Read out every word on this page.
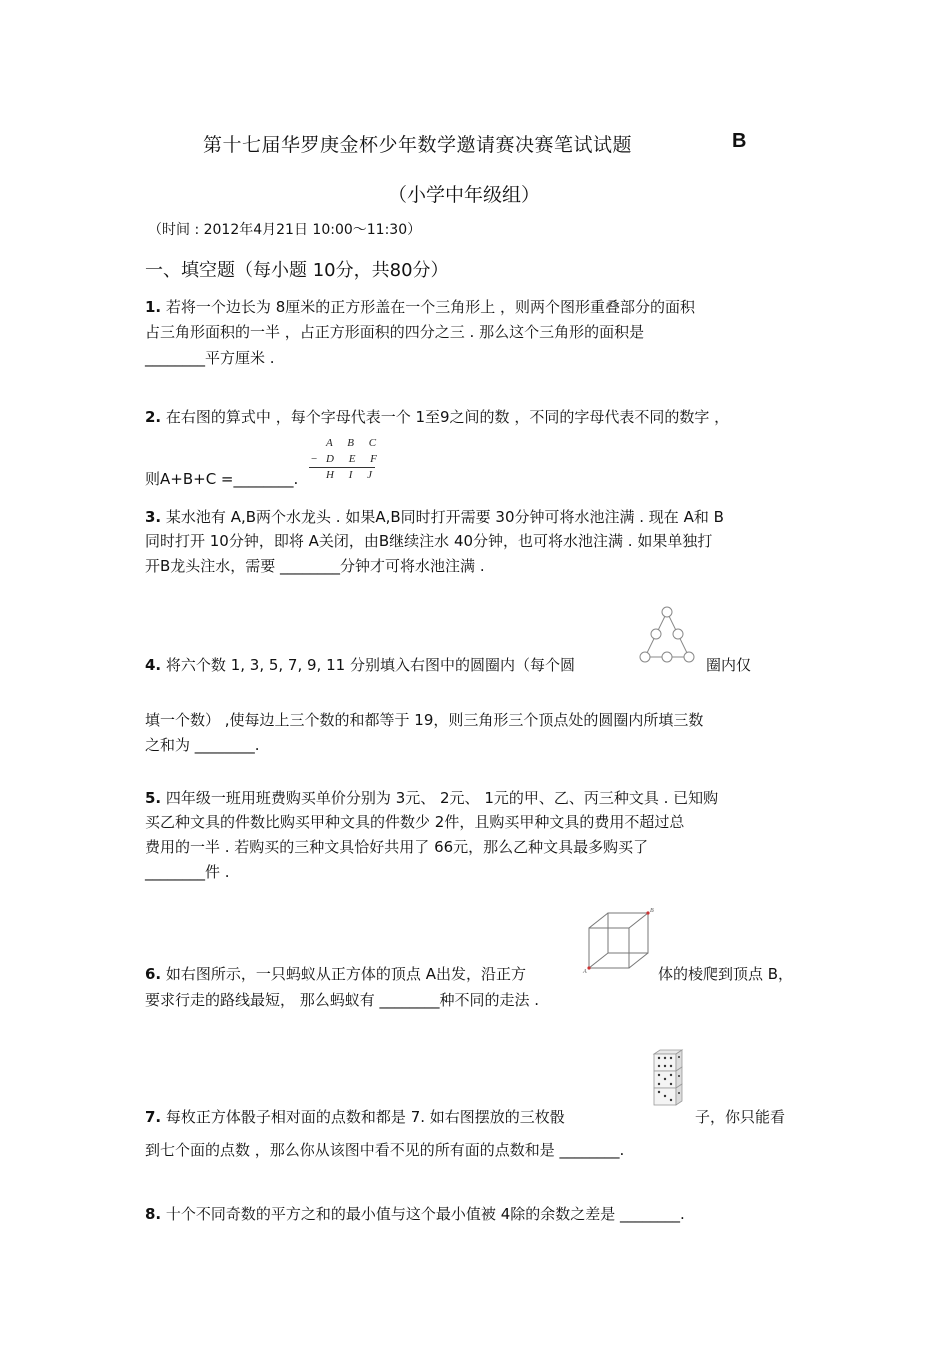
第十七届华罗庚金杯少年数学邀请赛决赛笔试试题	B
（小学中年级组）
（时间 : 2012年4月21日 10:00～11:30）
一、填空题（每小题 10分，共80分）
1. 若将一个边长为 8厘米的正方形盖在一个三角形上 ，则两个图形重叠部分的面积
占三角形面积的一半 ，占正方形面积的四分之三 . 那么这个三角形的面积是
________平方厘米 .
2. 在右图的算式中 ，每个字母代表一个 1至9之间的数 ，不同的字母代表不同的数字 ，
A B C
− D E F
H I J
则A+B+C =________.
3. 某水池有 A,B两个水龙头 . 如果A,B同时打开需要 30分钟可将水池注满 . 现在 A和 B
同时打开 10分钟，即将 A关闭，由B继续注水 40分钟，也可将水池注满 . 如果单独打
开B龙头注水，需要 ________分钟才可将水池注满 .
4. 将六个数 1, 3, 5, 7, 9, 11 分别填入右图中的圆圈内（每个圆	圈内仅
填一个数） ,使每边上三个数的和都等于 19，则三角形三个顶点处的圆圈内所填三数
之和为 ________.
5. 四年级一班用班费购买单价分别为 3元、 2元、 1元的甲、乙、丙三种文具 . 已知购
买乙种文具的件数比购买甲种文具的件数少 2件，且购买甲种文具的费用不超过总
费用的一半 . 若购买的三种文具恰好共用了 66元，那么乙种文具最多购买了
________件 .
A
B
6. 如右图所示，一只蚂蚁从正方体的顶点 A出发，沿正方	体的棱爬到顶点 B，
要求行走的路线最短， 那么蚂蚁有 ________种不同的走法 .
7. 每枚正方体骰子相对面的点数和都是 7. 如右图摆放的三枚骰	子，你只能看
到七个面的点数 ，那么你从该图中看不见的所有面的点数和是 ________.
8. 十个不同奇数的平方之和的最小值与这个最小值被 4除的余数之差是 ________.
